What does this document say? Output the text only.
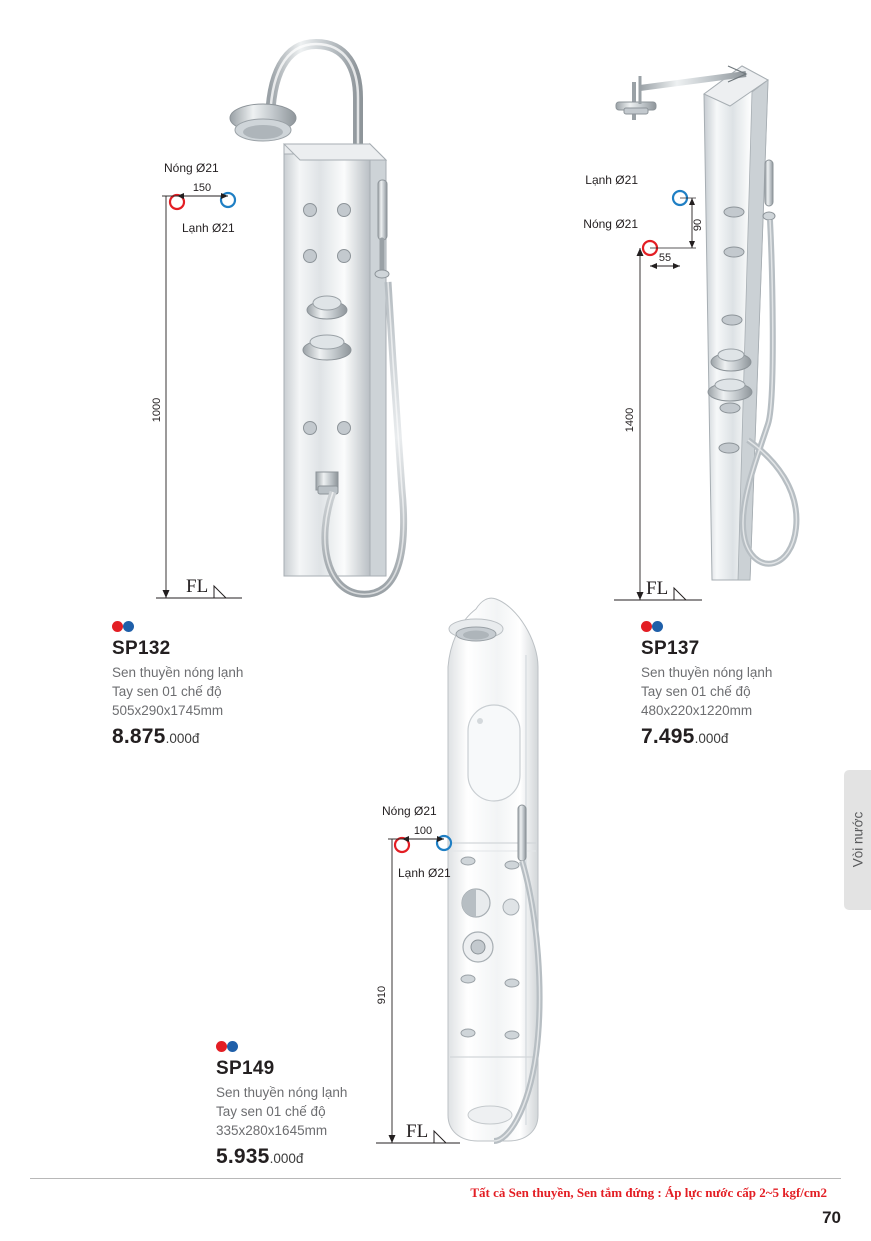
Nóng Ø21
Lạnh Ø21
150
1000
FL

SP132

Sen thuyền nóng lạnh

Tay sen 01 chế độ

505x290x1745mm

8.875.000đ

Lạnh Ø21
Nóng Ø21
55
90
1400
FL

SP137

Sen thuyền nóng lạnh

Tay sen 01 chế độ

480x220x1220mm

7.495.000đ

Nóng Ø21
Lạnh Ø21
100
910
FL

SP149

Sen thuyền nóng lạnh

Tay sen 01 chế độ

335x280x1645mm

5.935.000đ

Vòi nước
Tất cả Sen thuyền, Sen tắm đứng : Áp lực nước cấp 2~5 kgf/cm2
70
